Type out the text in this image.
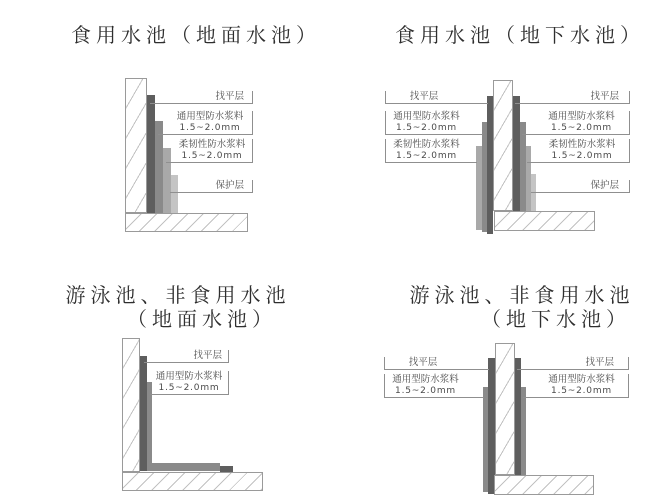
食用水池（地面水池）	食用水池（地下水池）
游泳池、非食用水池
（地面水池）
游泳池、非食用水池
（地下水池）
找平层
通用型防水浆料
1.5~2.0mm
柔韧性防水浆料
1.5~2.0mm
保护层
找平层
通用型防水浆料
1.5~2.0mm
柔韧性防水浆料
1.5~2.0mm
找平层
通用型防水浆料
1.5~2.0mm
柔韧性防水浆料
1.5~2.0mm
保护层
找平层
通用型防水浆料
1.5~2.0mm
找平层
通用型防水浆料
1.5~2.0mm
找平层
通用型防水浆料
1.5~2.0mm
